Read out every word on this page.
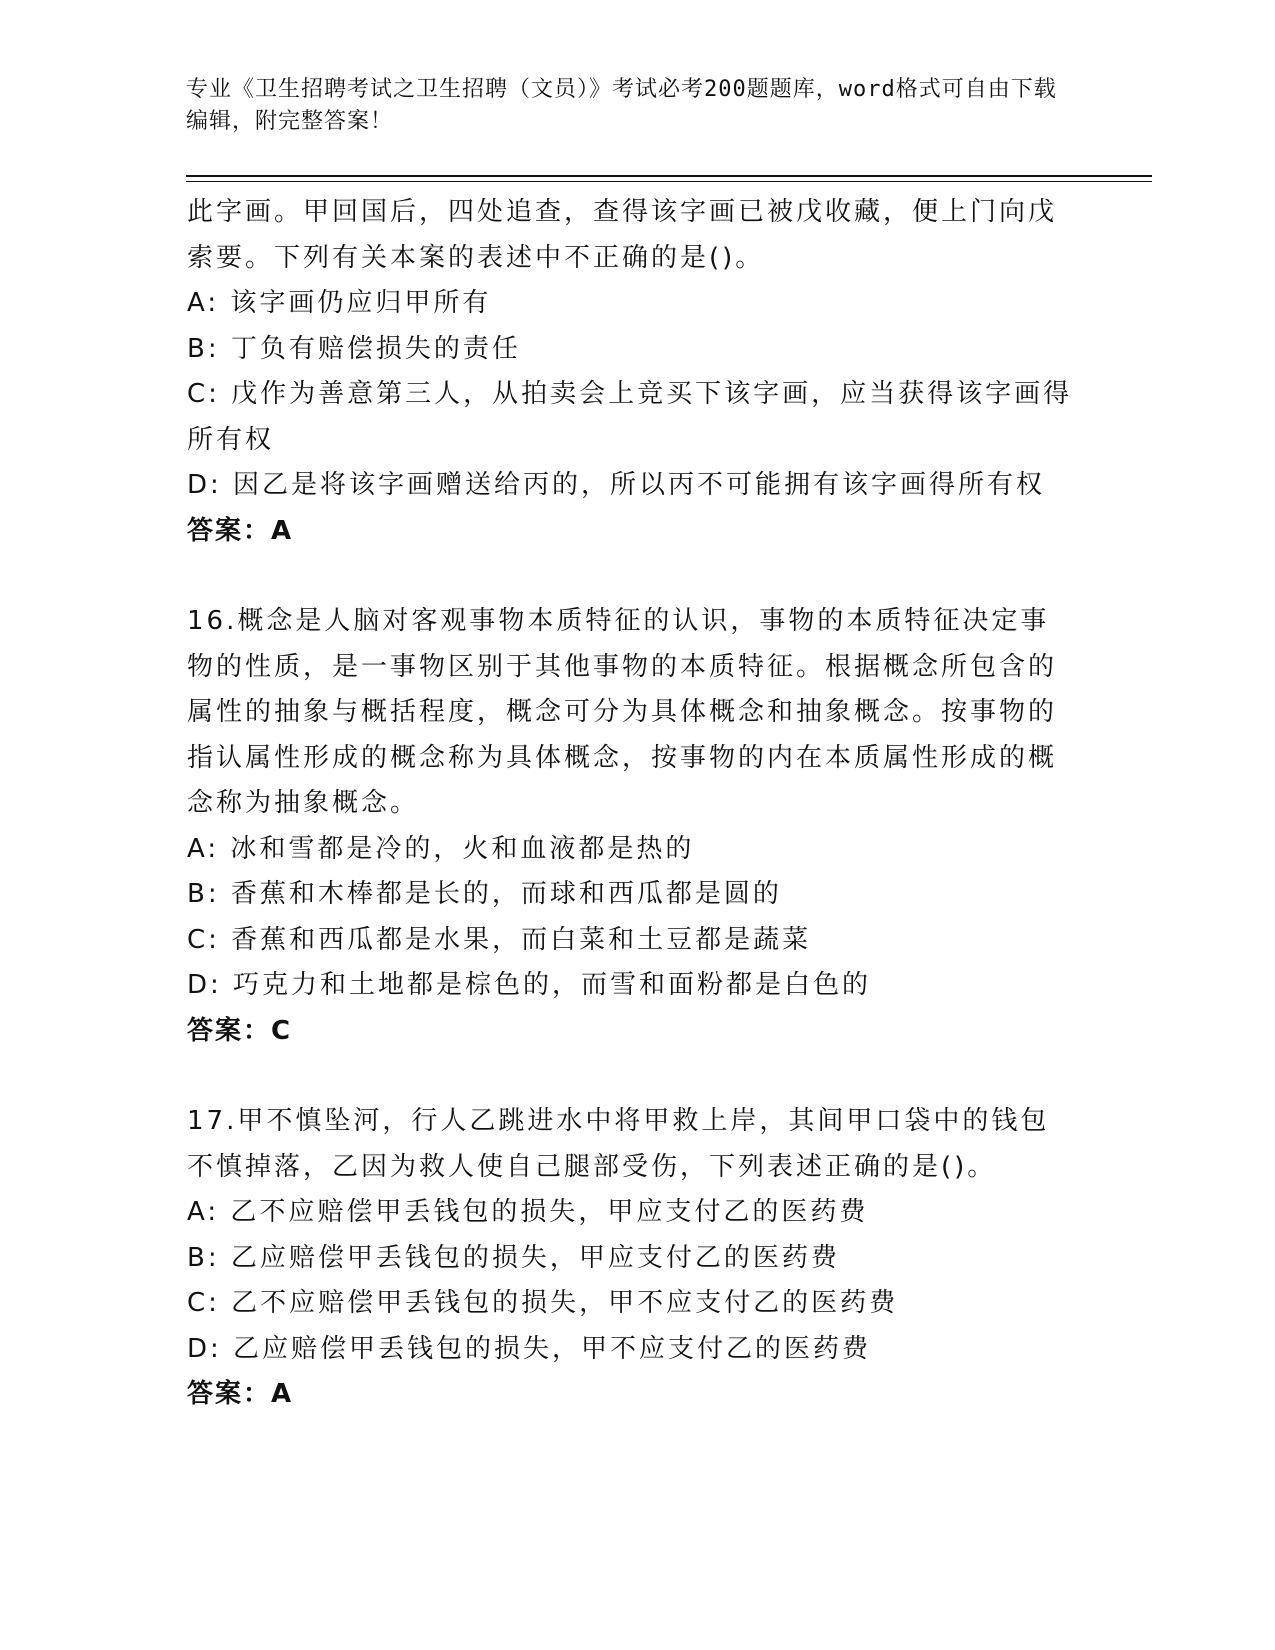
专业《卫生招聘考试之卫生招聘（文员）》考试必考200题题库，word格式可自由下载编辑，附完整答案！

此字画。甲回国后，四处追查，查得该字画已被戊收藏，便上门向戊索要。下列有关本案的表述中不正确的是()。

A: 该字画仍应归甲所有

B: 丁负有赔偿损失的责任

C: 戊作为善意第三人，从拍卖会上竞买下该字画，应当获得该字画得所有权

D: 因乙是将该字画赠送给丙的，所以丙不可能拥有该字画得所有权

答案：A

16.概念是人脑对客观事物本质特征的认识，事物的本质特征决定事物的性质，是一事物区别于其他事物的本质特征。根据概念所包含的属性的抽象与概括程度，概念可分为具体概念和抽象概念。按事物的指认属性形成的概念称为具体概念，按事物的内在本质属性形成的概念称为抽象概念。

A: 冰和雪都是冷的，火和血液都是热的

B: 香蕉和木棒都是长的，而球和西瓜都是圆的

C: 香蕉和西瓜都是水果，而白菜和土豆都是蔬菜

D: 巧克力和土地都是棕色的，而雪和面粉都是白色的

答案：C

17.甲不慎坠河，行人乙跳进水中将甲救上岸，其间甲口袋中的钱包不慎掉落，乙因为救人使自己腿部受伤，下列表述正确的是()。

A: 乙不应赔偿甲丢钱包的损失，甲应支付乙的医药费

B: 乙应赔偿甲丢钱包的损失，甲应支付乙的医药费

C: 乙不应赔偿甲丢钱包的损失，甲不应支付乙的医药费

D: 乙应赔偿甲丢钱包的损失，甲不应支付乙的医药费

答案：A
